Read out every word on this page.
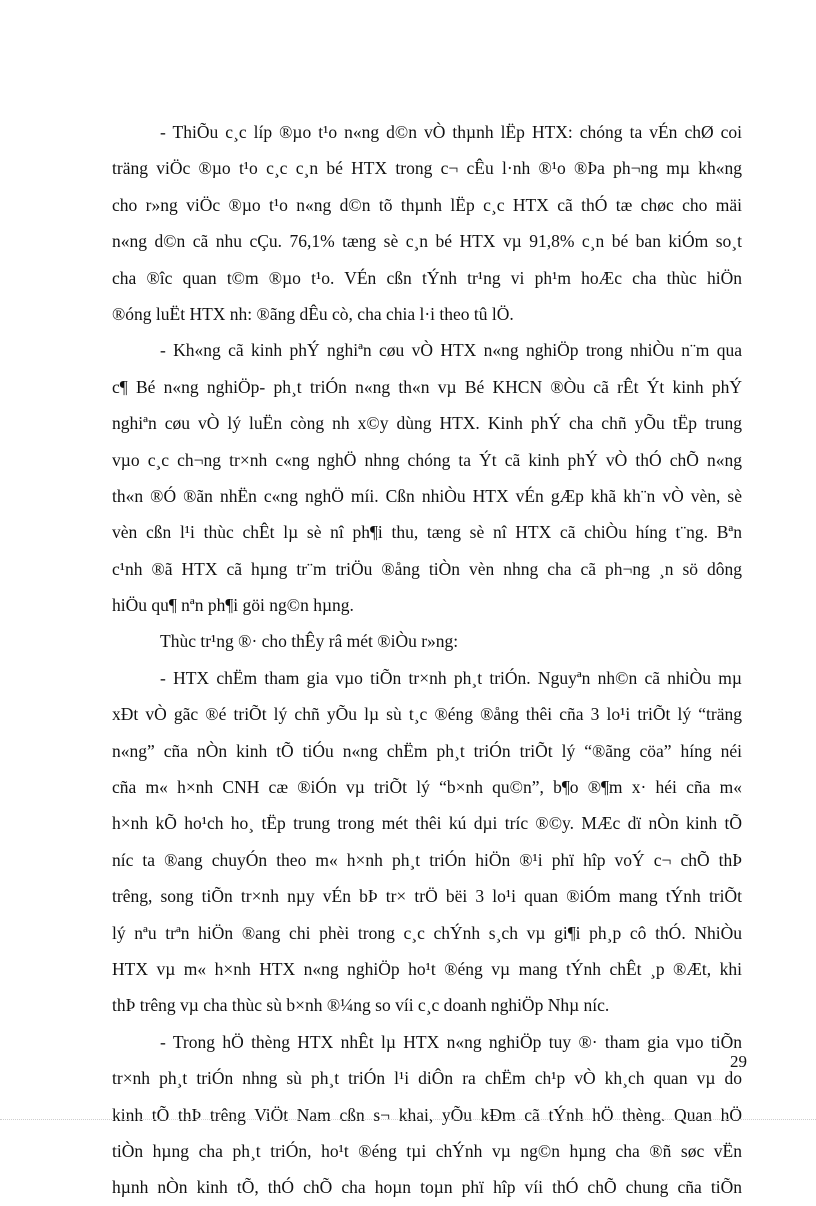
- ThiÕu c¸c líp ®µo t¹o n«ng d©n vÒ thµnh lËp HTX: chóng ta vÉn chØ coi
träng viÖc ®µo t¹o c¸c c¸n bé HTX trong c¬ cÊu l·nh ®¹o ®Þa ph¬ng mµ kh«ng
cho r»ng viÖc ®µo t¹o n«ng d©n tõ thµnh lËp c¸c HTX cã thÓ tæ chøc cho mäi
n«ng d©n cã nhu cÇu. 76,1% tæng sè c¸n bé HTX vµ 91,8% c¸n bé ban kiÓm so¸t
cha ®îc quan t©m ®µo t¹o. VÉn cßn tÝnh tr¹ng vi ph¹m hoÆc cha thùc hiÖn
®óng luËt HTX nh: ®ãng dÊu cò, cha chia l·i theo tû lÖ.
- Kh«ng cã kinh phÝ nghiªn cøu vÒ HTX n«ng nghiÖp trong nhiÒu n¨m qua
c¶ Bé n«ng nghiÖp- ph¸t triÓn n«ng th«n vµ Bé KHCN ®Òu cã rÊt Ýt kinh phÝ
nghiªn cøu vÒ lý luËn còng nh x©y dùng HTX. Kinh phÝ cha chñ yÕu tËp trung
vµo c¸c ch¬ng tr×nh c«ng nghÖ nhng chóng ta Ýt cã kinh phÝ vÒ thÓ chÕ n«ng
th«n ®Ó ®ãn nhËn c«ng nghÖ míi. Cßn nhiÒu HTX vÉn gÆp khã kh¨n vÒ vèn, sè
vèn cßn l¹i thùc chÊt lµ sè nî ph¶i thu, tæng sè nî HTX cã chiÒu híng t¨ng. Bªn
c¹nh ®ã HTX cã hµng tr¨m triÖu ®ång tiÒn vèn nhng cha cã ph¬ng ¸n sö dông
hiÖu qu¶ nªn ph¶i göi ng©n hµng.
Thùc tr¹ng ®· cho thÊy râ mét ®iÒu r»ng:
- HTX chËm tham gia vµo tiÕn tr×nh ph¸t triÓn. Nguyªn nh©n cã nhiÒu mµ
xÐt vÒ gãc ®é triÕt lý chñ yÕu lµ sù t¸c ®éng ®ång thêi cña 3 lo¹i triÕt lý “träng
n«ng” cña nÒn kinh tÕ tiÓu n«ng chËm ph¸t triÓn triÕt lý “®ãng cöa” híng néi
cña m« h×nh CNH cæ ®iÓn vµ triÕt lý “b×nh qu©n”, b¶o ®¶m x· héi cña m«
h×nh kÕ ho¹ch ho¸ tËp trung trong mét thêi kú dµi tríc ®©y. MÆc dï nÒn kinh tÕ
níc ta ®ang chuyÓn theo m« h×nh ph¸t triÓn hiÖn ®¹i phï hîp voÝ c¬ chÕ thÞ
trêng, song tiÕn tr×nh nµy vÉn bÞ tr× trÖ bëi 3 lo¹i quan ®iÓm mang tÝnh triÕt
lý nªu trªn hiÖn ®ang chi phèi trong c¸c chÝnh s¸ch vµ gi¶i ph¸p cô thÓ. NhiÒu
HTX vµ m« h×nh HTX n«ng nghiÖp ho¹t ®éng vµ mang tÝnh chÊt ¸p ®Æt, khi
thÞ trêng vµ cha thùc sù b×nh ®¼ng so víi c¸c doanh nghiÖp Nhµ níc.
- Trong hÖ thèng HTX nhÊt lµ HTX n«ng nghiÖp tuy ®· tham gia vµo tiÕn
tr×nh ph¸t triÓn nhng sù ph¸t triÓn l¹i diÔn ra chËm ch¹p vÒ kh¸ch quan vµ do
kinh tÕ thÞ trêng ViÖt Nam cßn s¬ khai, yÕu kÐm cã tÝnh hÖ thèng. Quan hÖ
tiÒn hµng cha ph¸t triÓn, ho¹t ®éng tµi chÝnh vµ ng©n hµng cha ®ñ søc vËn
hµnh nÒn kinh tÕ, thÓ chÕ cha hoµn toµn phï hîp víi thÓ chÕ chung cña tiÕn
29
